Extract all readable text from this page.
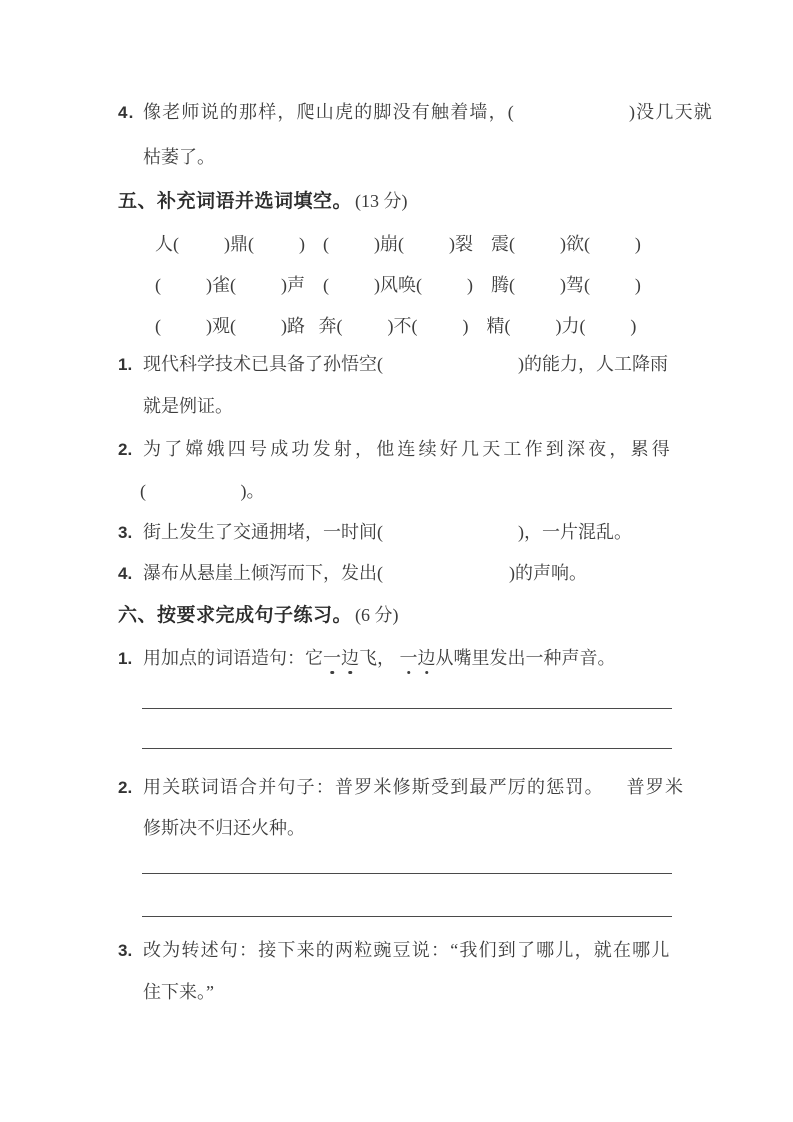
4. 像老师说的那样，爬山虎的脚没有触着墙，(                    )没几天就
枯萎了。
五、补充词语并选词填空。 (13 分)
人(          )鼎(          )    (          )崩(          )裂    震(          )欲(          )
(          )雀(          )声    (          )风唤(          )    腾(          )驾(          )
(          )观(          )路   奔(          )不(          )    精(          )力(          )
1. 现代科学技术已具备了孙悟空(                              )的能力，人工降雨
就是例证。
2. 为了嫦娥四号成功发射，他连续好几天工作到深夜，累得
(                     )。
3. 街上发生了交通拥堵，一时间(                              )，一片混乱。
4. 瀑布从悬崖上倾泻而下，发出(                            )的声响。
六、按要求完成句子练习。 (6 分)
1. 用加点的词语造句：它一边飞， 一边从嘴里发出一种声音。
2. 用关联词语合并句子：普罗米修斯受到最严厉的惩罚。    普罗米
修斯决不归还火种。
3. 改为转述句：接下来的两粒豌豆说：“我们到了哪儿，就在哪儿
住下来。”
